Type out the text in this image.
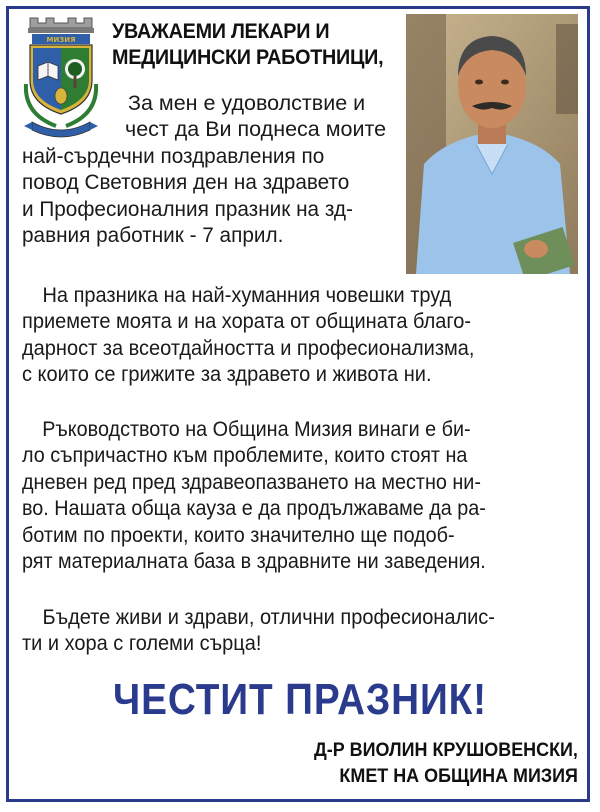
МИЗИЯ УВАЖАЕМИ ЛЕКАРИ И
МЕДИЦИНСКИ РАБОТНИЦИ,
За мен е удоволствие и
чест да Ви поднеса моите
най-сърдечни поздравления по
повод Световния ден на здравето
и Професионалния празник на зд-
равния работник - 7 април.
На празника на най-хуманния човешки труд
приемете моята и на хората от общината благо-
дарност за всеотдайността и професионализма,
с които се грижите за здравето и живота ни.
Ръководството на Община Мизия винаги е би-
ло съпричастно към проблемите, които стоят на
дневен ред пред здравеопазването на местно ни-
во. Нашата обща кауза е да продължаваме да ра-
ботим по проекти, които значително ще подоб-
рят материалната база в здравните ни заведения.
Бъдете живи и здрави, отлични професионалис-
ти и хора с големи сърца!
ЧЕСТИТ ПРАЗНИК!
Д-Р ВИОЛИН КРУШОВЕНСКИ,
КМЕТ НА ОБЩИНА МИЗИЯ
